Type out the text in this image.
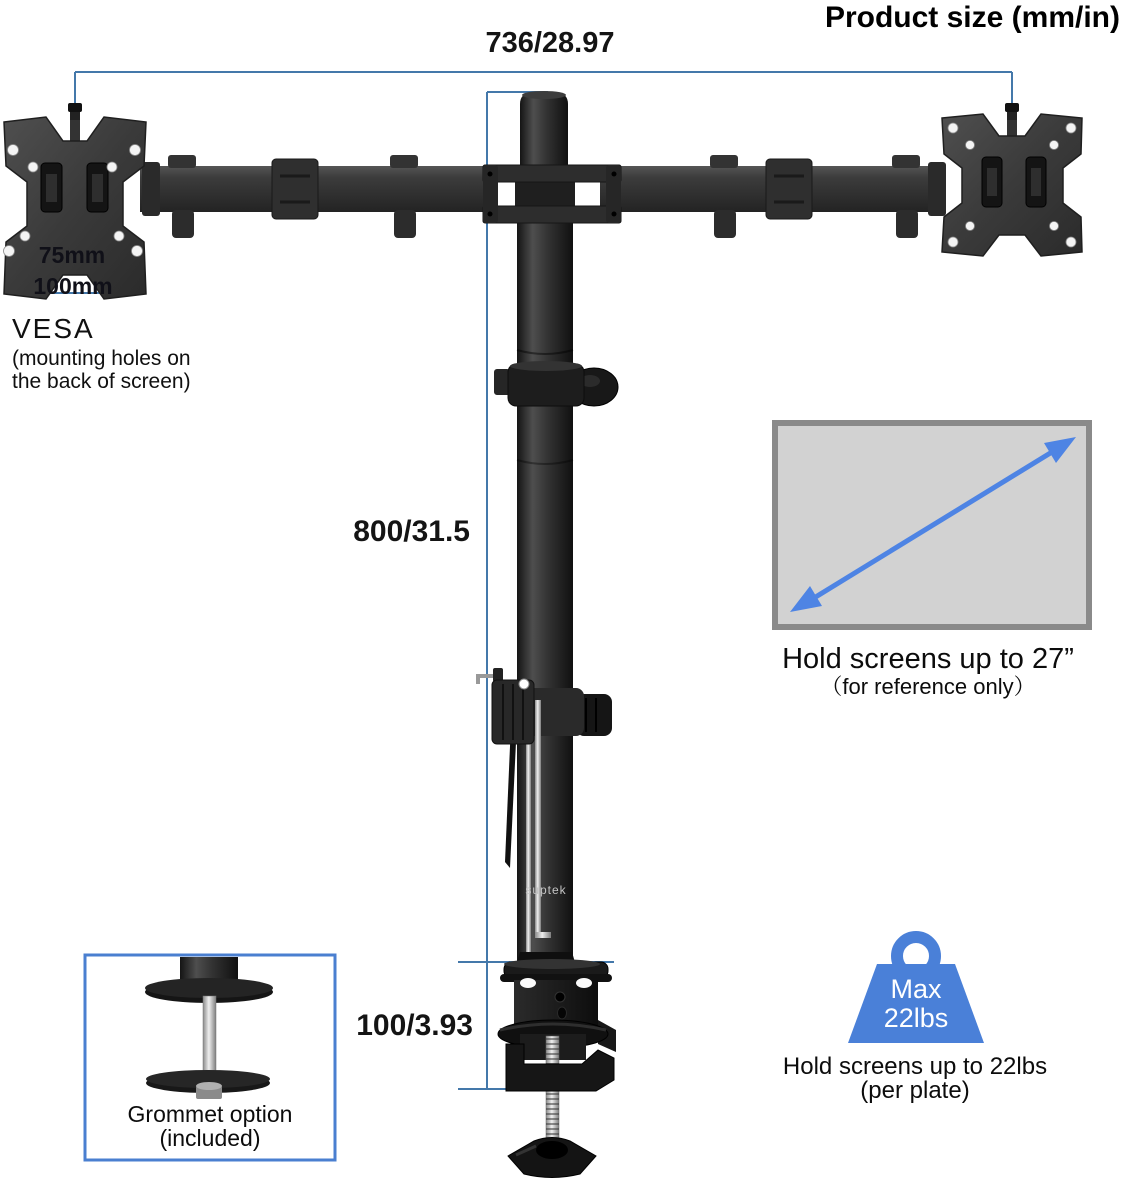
Product size (mm/in)
736/28.97
800/31.5
100/3.93
75mm
100mm
VESA
(mounting holes on
the back of screen)
Hold screens up to 27”
（for reference only）
Max
22lbs
Hold screens up to 22lbs
(per plate)
Grommet option
(included)
suptek
